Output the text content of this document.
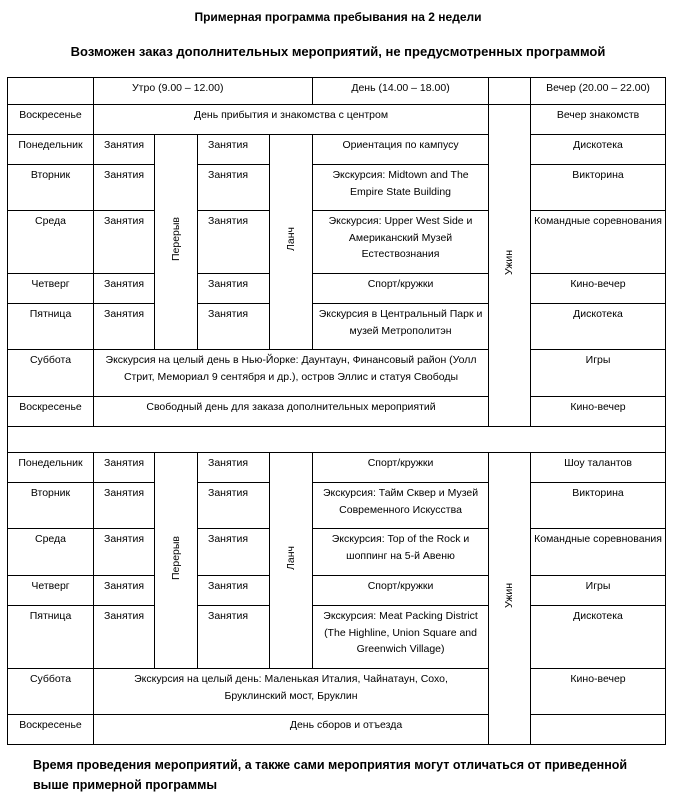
Примерная программа пребывания на 2 недели
Возможен заказ дополнительных мероприятий, не предусмотренных программой
	Утро (9.00 – 12.00)				День (14.00 – 18.00)		Вечер (20.00 – 22.00)
Воскресенье	День прибытия и знакомства с центром					Ужин	Вечер знакомств
Понедельник	Занятия	Перерыв	Занятия	Ланч	Ориентация по кампусу		Дискотека
Вторник	Занятия		Занятия		Экскурсия: Midtown and The Empire State Building		Викторина
Среда	Занятия		Занятия		Экскурсия: Upper West Side и Американский Музей Естествознания		Командные соревнования
Четверг	Занятия		Занятия		Спорт/кружки		Кино-вечер
Пятница	Занятия		Занятия		Экскурсия в Центральный Парк и музей Метрополитэн		Дискотека
Суббота	Экскурсия на целый день в Нью-Йорке: Даунтаун, Финансовый район (Уолл Стрит, Мемориал 9 сентября и др.), остров Эллис и статуя Свободы						Игры
Воскресенье	Свободный день для заказа дополнительных мероприятий						Кино-вечер

Понедельник	Занятия	Перерыв	Занятия	Ланч	Спорт/кружки	Ужин	Шоу талантов
Вторник	Занятия		Занятия		Экскурсия: Тайм Сквер и Музей Современного Искусства		Викторина
Среда	Занятия		Занятия		Экскурсия: Top of the Rock и шоппинг на 5-й Авеню		Командные соревнования
Четверг	Занятия		Занятия		Спорт/кружки		Игры
Пятница	Занятия		Занятия		Экскурсия: Meat Packing District (The Highline, Union Square and Greenwich Village)		Дискотека
Суббота	Экскурсия на целый день: Маленькая Италия, Чайнатаун, Сохо, Бруклинский мост, Бруклин						Кино-вечер
Воскресенье	День сборов и отъезда						
Время проведения мероприятий, а также сами мероприятия могут отличаться от приведенной выше примерной программы
